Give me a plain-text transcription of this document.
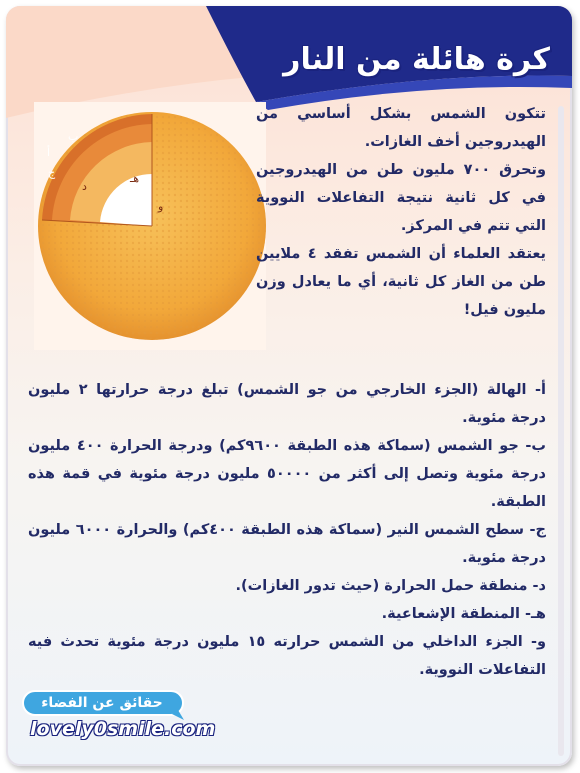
كرة هائلة من النار
ب
أ
ج
د
هـ
و

تتكون الشمس بشكل أساسي من الهيدروجين أخف الغازات.

وتحرق ٧٠٠ مليون طن من الهيدروجين في كل ثانية نتيجة التفاعلات النووية التي تتم في المركز.

يعتقد العلماء أن الشمس تفقد ٤ ملايين طن من الغاز كل ثانية، أي ما يعادل وزن مليون فيل!

أ- الهالة (الجزء الخارجي من جو الشمس) تبلغ درجة حرارتها ٢ مليون درجة مئوية.

ب- جو الشمس (سماكة هذه الطبقة ٩٦٠٠كم) ودرجة الحرارة ٤٠٠ مليون درجة مئوية وتصل إلى أكثر من ٥٠٠٠٠ مليون درجة مئوية في قمة هذه الطبقة.

ج- سطح الشمس النير (سماكة هذه الطبقة ٤٠٠كم) والحرارة ٦٠٠٠ مليون درجة مئوية.

د- منطقة حمل الحرارة (حيث تدور الغازات).

هـ- المنطقة الإشعاعية.

و- الجزء الداخلي من الشمس حرارته ١٥ مليون درجة مئوية تحدث فيه التفاعلات النووية.

حقائق عن الفضاء
lovely0smile.com
